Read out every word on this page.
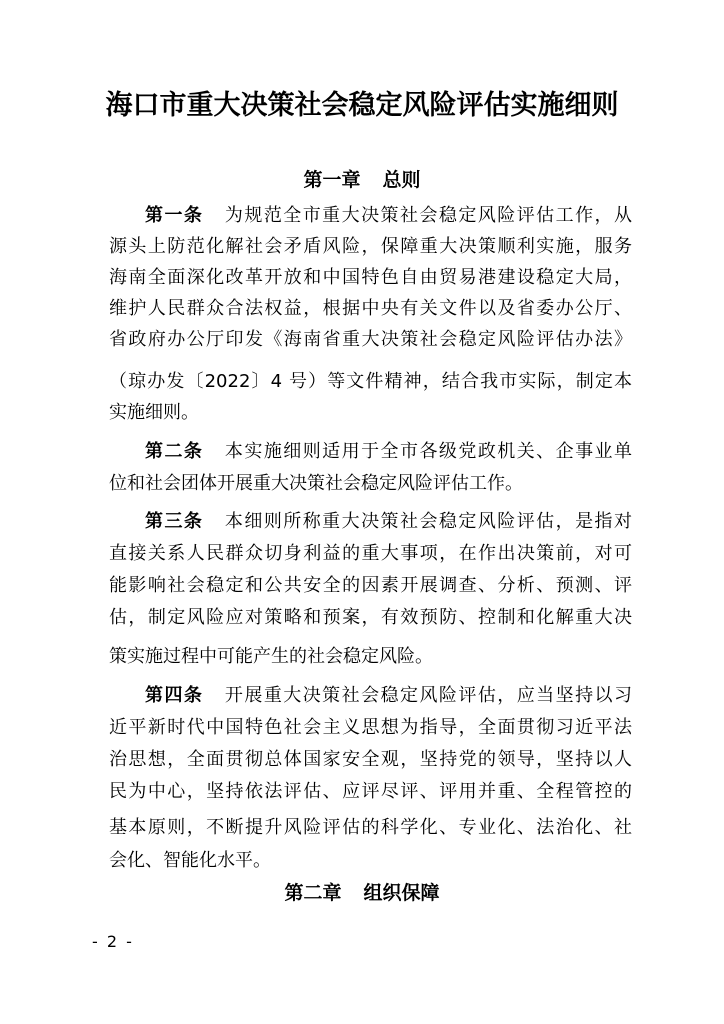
海口市重大决策社会稳定风险评估实施细则
第一章 总则
第一条 为规范全市重大决策社会稳定风险评估工作，从
源头上防范化解社会矛盾风险，保障重大决策顺利实施，服务
海南全面深化改革开放和中国特色自由贸易港建设稳定大局，
维护人民群众合法权益，根据中央有关文件以及省委办公厅、
省政府办公厅印发《海南省重大决策社会稳定风险评估办法》
（琼办发〔2022〕4 号）等文件精神，结合我市实际，制定本
实施细则。
第二条 本实施细则适用于全市各级党政机关、企事业单
位和社会团体开展重大决策社会稳定风险评估工作。
第三条 本细则所称重大决策社会稳定风险评估，是指对
直接关系人民群众切身利益的重大事项，在作出决策前，对可
能影响社会稳定和公共安全的因素开展调查、分析、预测、评
估，制定风险应对策略和预案，有效预防、控制和化解重大决
策实施过程中可能产生的社会稳定风险。
第四条 开展重大决策社会稳定风险评估，应当坚持以习
近平新时代中国特色社会主义思想为指导，全面贯彻习近平法
治思想，全面贯彻总体国家安全观，坚持党的领导，坚持以人
民为中心，坚持依法评估、应评尽评、评用并重、全程管控的
基本原则，不断提升风险评估的科学化、专业化、法治化、社
会化、智能化水平。
第二章 组织保障
- 2 -
